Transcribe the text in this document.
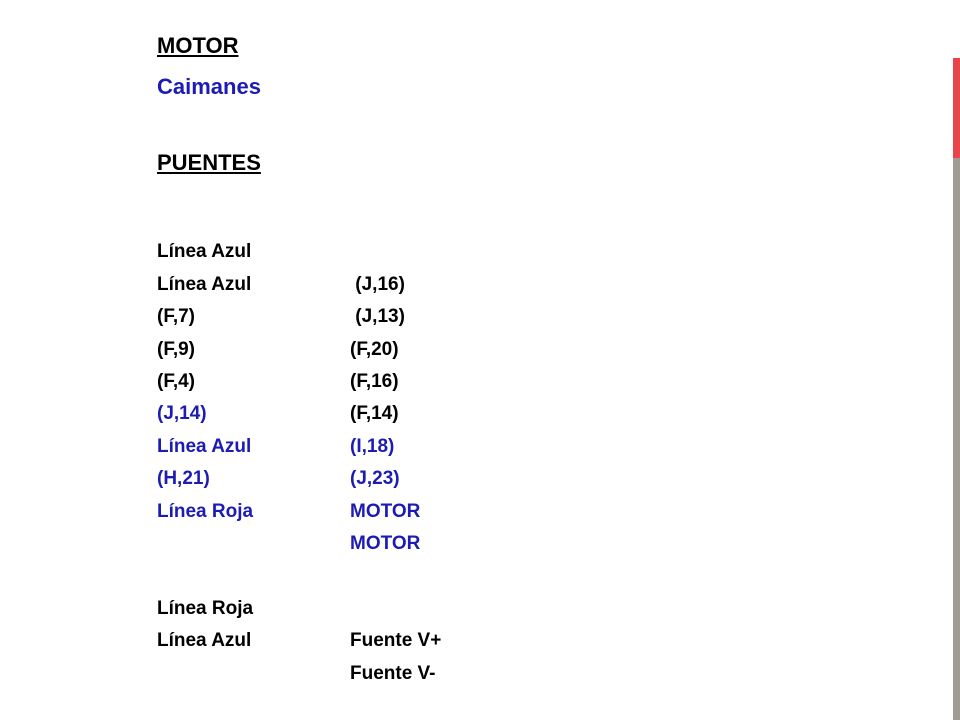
MOTOR
Caimanes
PUENTES

Línea Azul

(J,16)

Línea Azul

(J,13)

(F,7)

(F,20)

(F,9)

(F,16)

(F,4)

(F,14)

(J,14)

(I,18)

Línea Azul

(J,23)

(H,21)

MOTOR

Línea Roja

MOTOR

Línea Roja

Fuente V+

Línea Azul

Fuente V-
